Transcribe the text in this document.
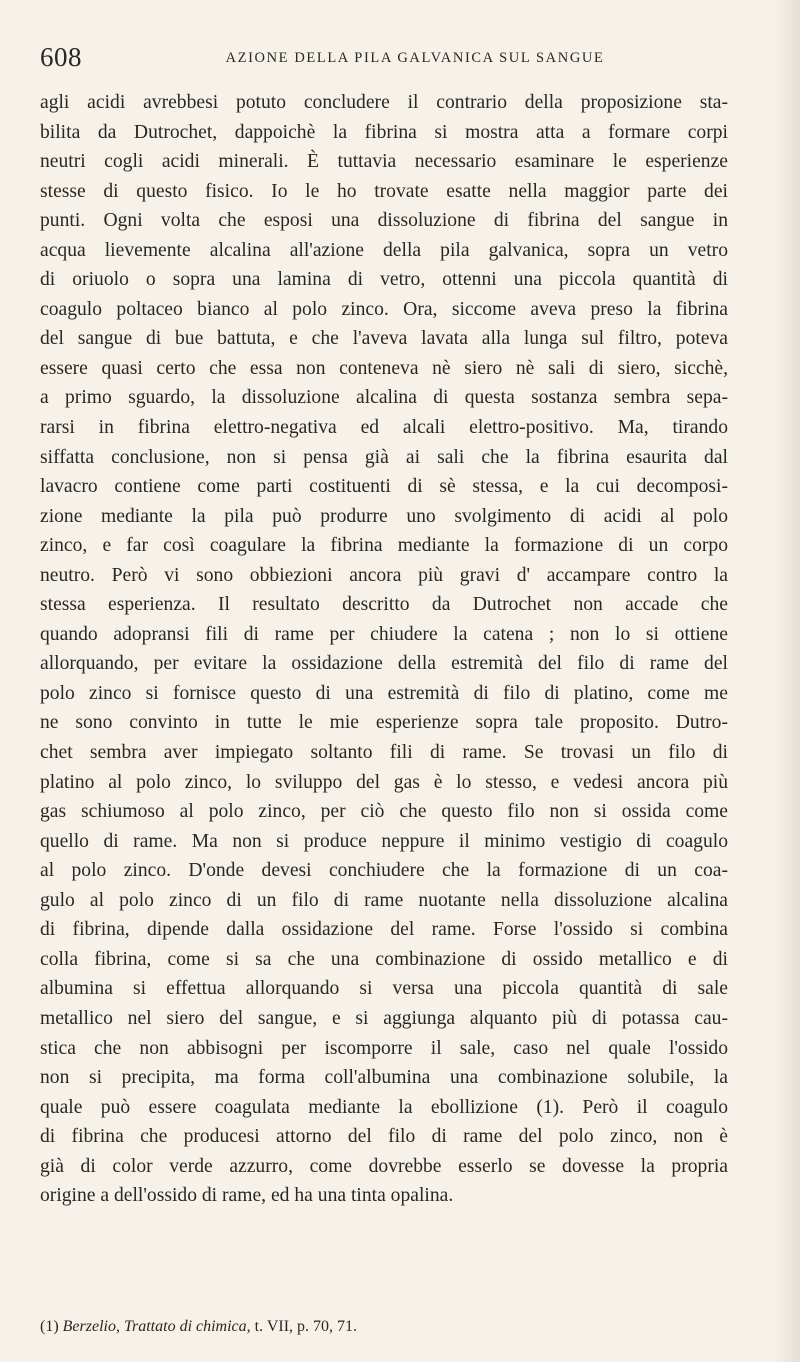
608	AZIONE DELLA PILA GALVANICA SUL SANGUE
agli acidi avrebbesi potuto concludere il contrario della proposizione sta-
bilita da Dutrochet, dappoichè la fibrina si mostra atta a formare corpi
neutri cogli acidi minerali. È tuttavia necessario esaminare le esperienze
stesse di questo fisico. Io le ho trovate esatte nella maggior parte dei
punti. Ogni volta che esposi una dissoluzione di fibrina del sangue in
acqua lievemente alcalina all'azione della pila galvanica, sopra un vetro
di oriuolo o sopra una lamina di vetro, ottenni una piccola quantità di
coagulo poltaceo bianco al polo zinco. Ora, siccome aveva preso la fibrina
del sangue di bue battuta, e che l'aveva lavata alla lunga sul filtro, poteva
essere quasi certo che essa non conteneva nè siero nè sali di siero, sicchè,
a primo sguardo, la dissoluzione alcalina di questa sostanza sembra sepa-
rarsi in fibrina elettro-negativa ed alcali elettro-positivo. Ma, tirando
siffatta conclusione, non si pensa già ai sali che la fibrina esaurita dal
lavacro contiene come parti costituenti di sè stessa, e la cui decomposi-
zione mediante la pila può produrre uno svolgimento di acidi al polo
zinco, e far così coagulare la fibrina mediante la formazione di un corpo
neutro. Però vi sono obbiezioni ancora più gravi d' accampare contro la
stessa esperienza. Il resultato descritto da Dutrochet non accade che
quando adopransi fili di rame per chiudere la catena ; non lo si ottiene
allorquando, per evitare la ossidazione della estremità del filo di rame del
polo zinco si fornisce questo di una estremità di filo di platino, come me
ne sono convinto in tutte le mie esperienze sopra tale proposito. Dutro-
chet sembra aver impiegato soltanto fili di rame. Se trovasi un filo di
platino al polo zinco, lo sviluppo del gas è lo stesso, e vedesi ancora più
gas schiumoso al polo zinco, per ciò che questo filo non si ossida come
quello di rame. Ma non si produce neppure il minimo vestigio di coagulo
al polo zinco. D'onde devesi conchiudere che la formazione di un coa-
gulo al polo zinco di un filo di rame nuotante nella dissoluzione alcalina
di fibrina, dipende dalla ossidazione del rame. Forse l'ossido si combina
colla fibrina, come si sa che una combinazione di ossido metallico e di
albumina si effettua allorquando si versa una piccola quantità di sale
metallico nel siero del sangue, e si aggiunga alquanto più di potassa cau-
stica che non abbisogni per iscomporre il sale, caso nel quale l'ossido
non si precipita, ma forma coll'albumina una combinazione solubile, la
quale può essere coagulata mediante la ebollizione (1). Però il coagulo
di fibrina che producesi attorno del filo di rame del polo zinco, non è
già di color verde azzurro, come dovrebbe esserlo se dovesse la propria
origine a dell'ossido di rame, ed ha una tinta opalina.
(1) Berzelio, Trattato di chimica, t. VII, p. 70, 71.
